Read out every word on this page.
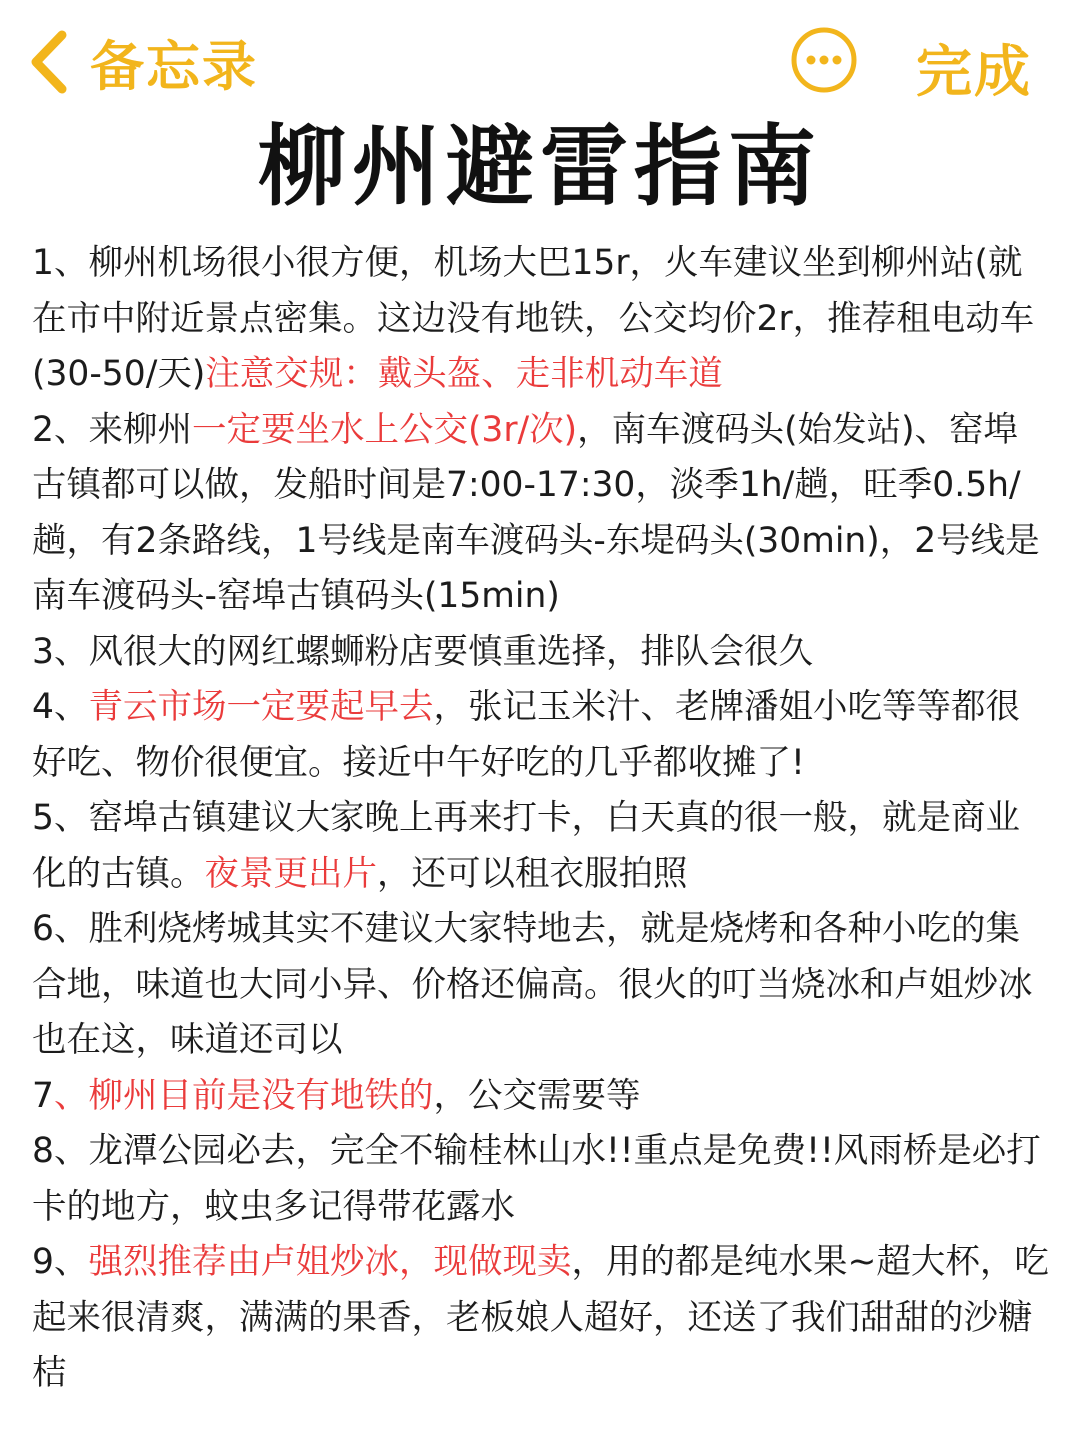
备忘录	完成
柳州避雷指南

1、柳州机场很小很方便，机场大巴15r，火车建议坐到柳州站(就在市中附近景点密集。这边没有地铁，公交均价2r，推荐租电动车(30-50/天)注意交规：戴头盔、走非机动车道

2、来柳州一定要坐水上公交(3r/次)，南车渡码头(始发站)、窑埠古镇都可以做，发船时间是7:00-17:30，淡季1h/趟，旺季0.5h/趟，有2条路线，1号线是南车渡码头-东堤码头(30min)，2号线是南车渡码头-窑埠古镇码头(15min)

3、风很大的网红螺蛳粉店要慎重选择，排队会很久

4、青云市场一定要起早去，张记玉米汁、老牌潘姐小吃等等都很好吃、物价很便宜。接近中午好吃的几乎都收摊了!

5、窑埠古镇建议大家晚上再来打卡，白天真的很一般，就是商业化的古镇。夜景更出片，还可以租衣服拍照

6、胜利烧烤城其实不建议大家特地去，就是烧烤和各种小吃的集合地，味道也大同小异、价格还偏高。很火的叮当烧冰和卢姐炒冰也在这，味道还司以

7、柳州目前是没有地铁的，公交需要等

8、龙潭公园必去，完全不输桂林山水!!重点是免费!!风雨桥是必打卡的地方，蚊虫多记得带花露水

9、强烈推荐由卢姐炒冰，现做现卖，用的都是纯水果~超大杯，吃起来很清爽，满满的果香，老板娘人超好，还送了我们甜甜的沙糖桔
